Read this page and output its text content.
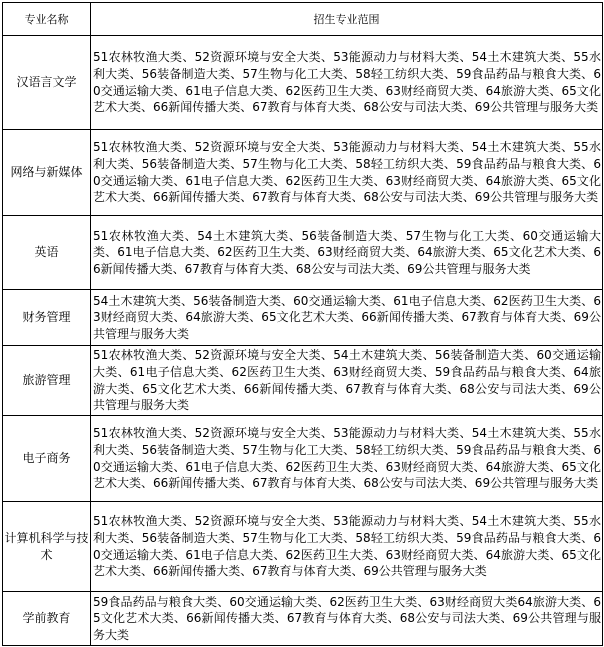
专业名称	招生专业范围
汉语言文学	51农林牧渔大类、52资源环境与安全大类、53能源动力与材料大类、54土木建筑大类、55水利大类、56装备制造大类、57生物与化工大类、58轻工纺织大类、59食品药品与粮食大类、60交通运输大类、61电子信息大类、62医药卫生大类、63财经商贸大类、64旅游大类、65文化艺术大类、66新闻传播大类、67教育与体育大类、68公安与司法大类、69公共管理与服务大类
网络与新媒体	51农林牧渔大类、52资源环境与安全大类、53能源动力与材料大类、54土木建筑大类、55水利大类、56装备制造大类、57生物与化工大类、58轻工纺织大类、59食品药品与粮食大类、60交通运输大类、61电子信息大类、62医药卫生大类、63财经商贸大类、64旅游大类、65文化艺术大类、66新闻传播大类、67教育与体育大类、68公安与司法大类、69公共管理与服务大类
英语	51农林牧渔大类、54土木建筑大类、56装备制造大类、57生物与化工大类、60交通运输大类、61电子信息大类、62医药卫生大类、63财经商贸大类、64旅游大类、65文化艺术大类、66新闻传播大类、67教育与体育大类、68公安与司法大类、69公共管理与服务大类
财务管理	54土木建筑大类、56装备制造大类、60交通运输大类、61电子信息大类、62医药卫生大类、63财经商贸大类、64旅游大类、65文化艺术大类、66新闻传播大类、67教育与体育大类、69公共管理与服务大类
旅游管理	51农林牧渔大类、52资源环境与安全大类、54土木建筑大类、56装备制造大类、60交通运输大类、61电子信息大类、62医药卫生大类、63财经商贸大类、59食品药品与粮食大类、64旅游大类、65文化艺术大类、66新闻传播大类、67教育与体育大类、68公安与司法大类、69公共管理与服务大类
电子商务	51农林牧渔大类、52资源环境与安全大类、53能源动力与材料大类、54土木建筑大类、55水利大类、56装备制造大类、57生物与化工大类、58轻工纺织大类、59食品药品与粮食大类、60交通运输大类、61电子信息大类、62医药卫生大类、63财经商贸大类、64旅游大类、65文化艺术大类、66新闻传播大类、67教育与体育大类、68公安与司法大类、69公共管理与服务大类
计算机科学与技术	51农林牧渔大类、52资源环境与安全大类、53能源动力与材料大类、54土木建筑大类、55水利大类、56装备制造大类、57生物与化工大类、58轻工纺织大类、59食品药品与粮食大类、60交通运输大类、61电子信息大类、62医药卫生大类、63财经商贸大类、64旅游大类、65文化艺术大类、66新闻传播大类、67教育与体育大类、69公共管理与服务大类
学前教育	59食品药品与粮食大类、60交通运输大类、62医药卫生大类、63财经商贸大类64旅游大类、65文化艺术大类、66新闻传播大类、67教育与体育大类、68公安与司法大类、69公共管理与服务大类
